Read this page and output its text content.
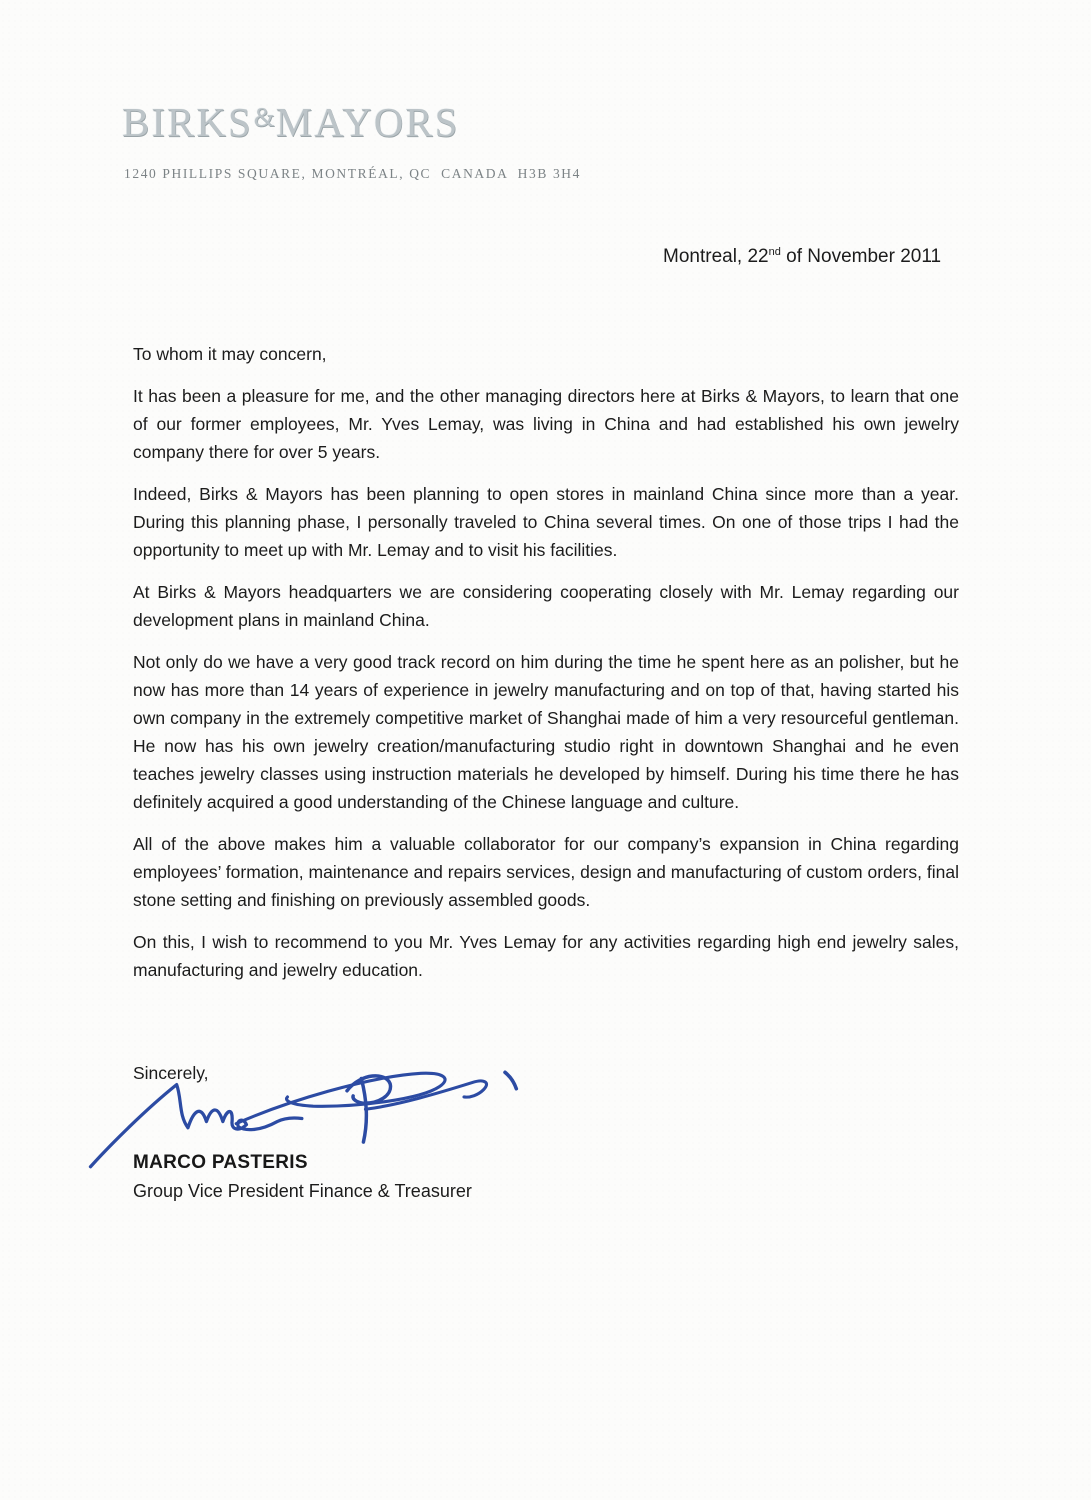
BIRKS&MAYORS
1240 PHILLIPS SQUARE, MONTRÉAL, QC  CANADA  H3B 3H4
Montreal, 22nd of November 2011

To whom it may concern,

It has been a pleasure for me, and the other managing directors here at Birks & Mayors, to learn that one of our former employees, Mr. Yves Lemay, was living in China and had established his own jewelry company there for over 5 years.

Indeed, Birks & Mayors has been planning to open stores in mainland China since more than a year. During this planning phase, I personally traveled to China several times. On one of those trips I had the opportunity to meet up with Mr. Lemay and to visit his facilities.

At Birks & Mayors headquarters we are considering cooperating closely with Mr. Lemay regarding our development plans in mainland China.

Not only do we have a very good track record on him during the time he spent here as an polisher, but he now has more than 14 years of experience in jewelry manufacturing and on top of that, having started his own company in the extremely competitive market of Shanghai made of him a very resourceful gentleman. He now has his own jewelry creation/manufacturing studio right in downtown Shanghai and he even teaches jewelry classes using instruction materials he developed by himself. During his time there he has definitely acquired a good understanding of the Chinese language and culture.

All of the above makes him a valuable collaborator for our company’s expansion in China regarding employees’ formation, maintenance and repairs services, design and manufacturing of custom orders, final stone setting and finishing on previously assembled goods.

On this, I wish to recommend to you Mr. Yves Lemay for any activities regarding high end jewelry sales, manufacturing and jewelry education.

Sincerely,
MARCO PASTERIS
Group Vice President Finance & Treasurer
